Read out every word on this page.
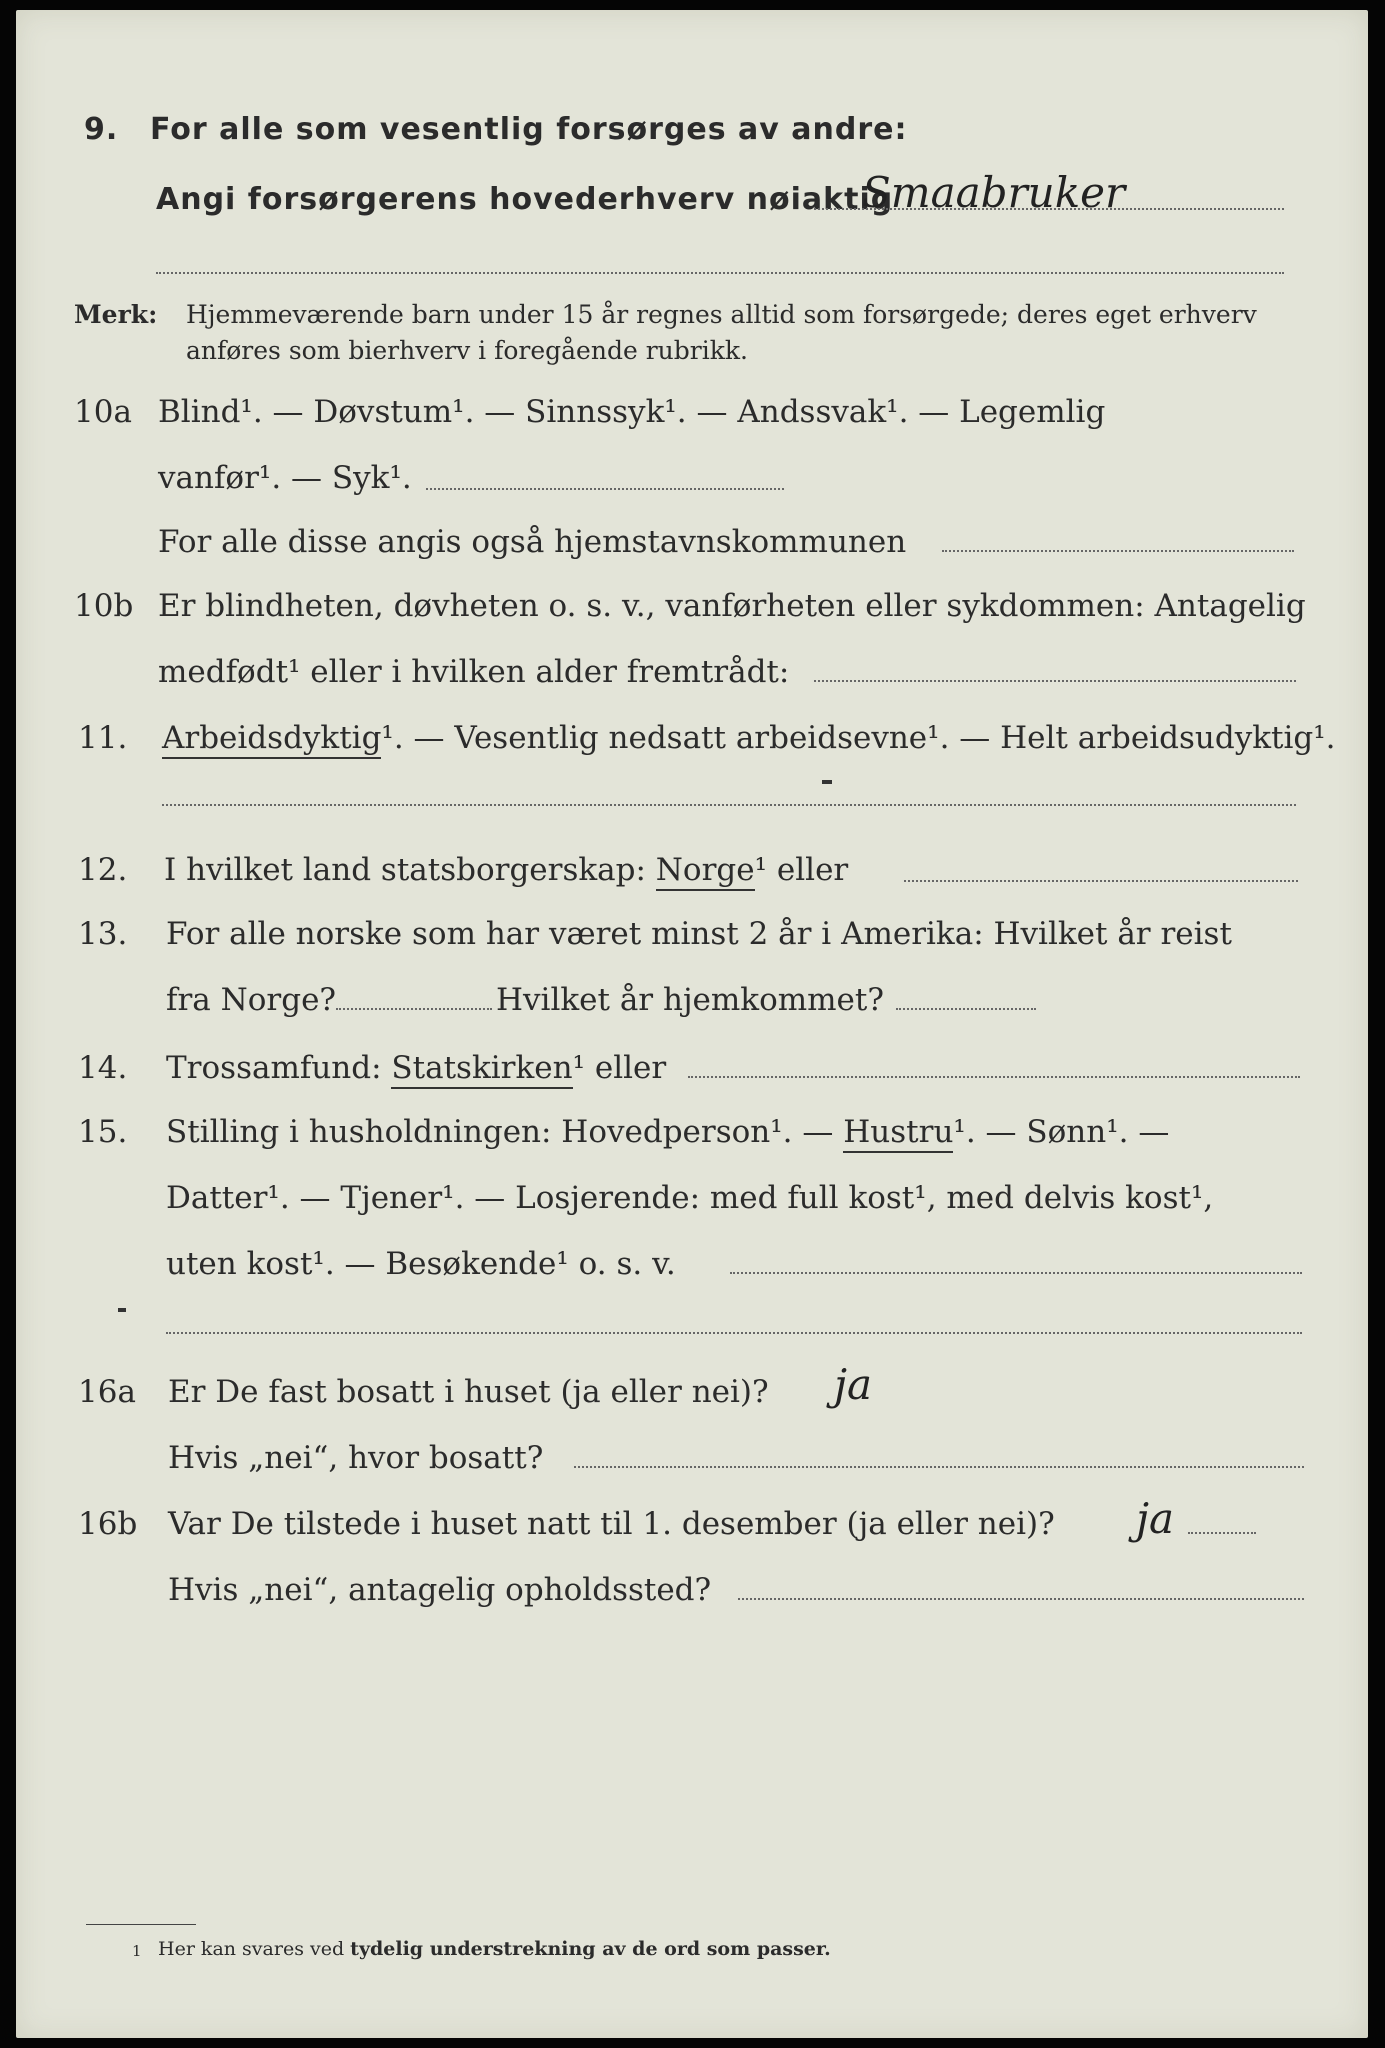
9. For alle som vesentlig forsørges av andre:
Angi forsørgerens hovederhverv nøiaktig
Smaabruker
Merk: Hjemmeværende barn under 15 år regnes alltid som forsørgede; deres eget erhverv
anføres som bierhverv i foregående rubrikk.
10a Blind¹. — Døvstum¹. — Sinnssyk¹. — Andssvak¹. — Legemlig
vanfør¹. — Syk¹.
For alle disse angis også hjemstavnskommunen
10b Er blindheten, døvheten o. s. v., vanførheten eller sykdommen: Antagelig
medfødt¹ eller i hvilken alder fremtrådt:
11. Arbeidsdyktig¹. — Vesentlig nedsatt arbeidsevne¹. — Helt arbeidsudyktig¹.
12. I hvilket land statsborgerskap: Norge¹ eller
13. For alle norske som har været minst 2 år i Amerika: Hvilket år reist
fra Norge?	Hvilket år hjemkommet?
14. Trossamfund: Statskirken¹ eller
15. Stilling i husholdningen: Hovedperson¹. — Hustru¹. — Sønn¹. —
Datter¹. — Tjener¹. — Losjerende: med full kost¹, med delvis kost¹,
uten kost¹. — Besøkende¹ o. s. v.
16a Er De fast bosatt i huset (ja eller nei)? ja
Hvis „nei“, hvor bosatt?
16b Var De tilstede i huset natt til 1. desember (ja eller nei)? ja
Hvis „nei“, antagelig opholdssted?
1 Her kan svares ved tydelig understrekning av de ord som passer.
